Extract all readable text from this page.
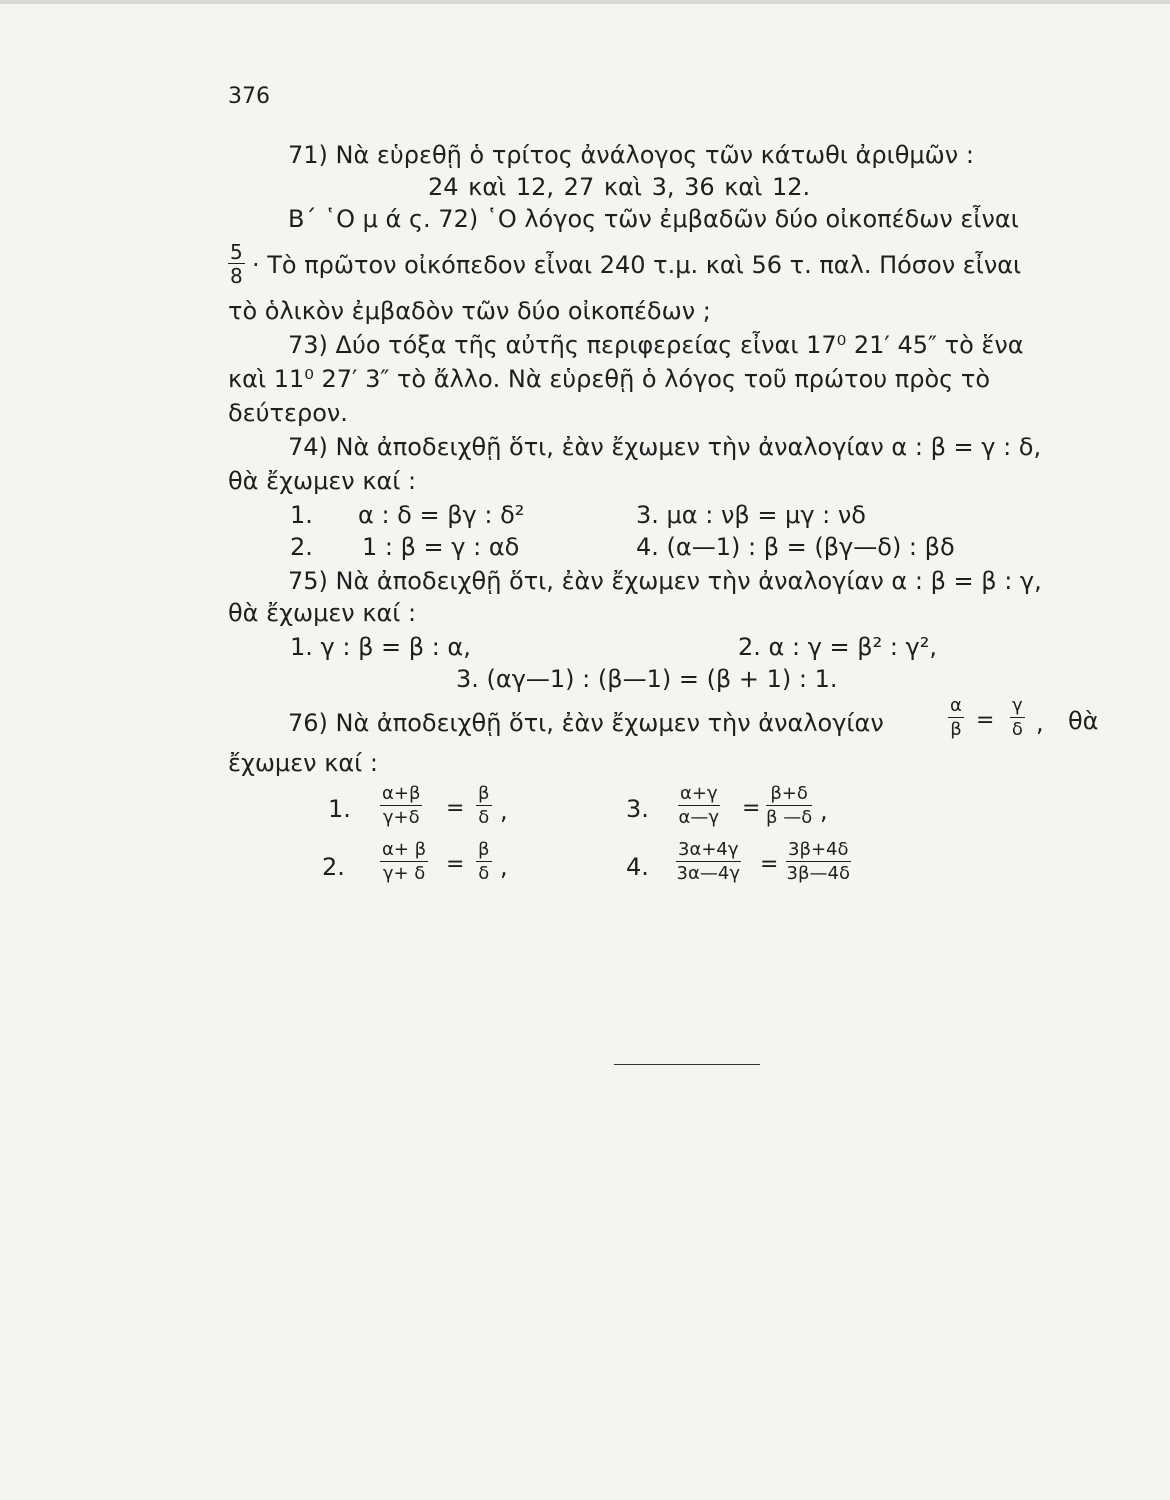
376
71) Νὰ εὑρεθῇ ὁ τρίτος ἀνάλογος τῶν κάτωθι ἀριθμῶν :
24 καὶ 12, 27 καὶ 3, 36 καὶ 12.
Β΄ ῾Ο μ ά ς. 72) ῾Ο λόγος τῶν ἐμβαδῶν δύο οἰκοπέδων εἶναι
$\frac{5}{8}$ · Τὸ πρῶτον οἰκόπεδον εἶναι 240 τ.μ. καὶ 56 τ. παλ. Πόσον εἶναι
τὸ ὁλικὸν ἐμβαδὸν τῶν δύο οἰκοπέδων ;
73) Δύο τόξα τῆς αὐτῆς περιφερείας εἶναι 17⁰ 21′ 45″ τὸ ἕνα
καὶ 11⁰ 27′ 3″ τὸ ἄλλο. Νὰ εὑρεθῇ ὁ λόγος τοῦ πρώτου πρὸς τὸ
δεύτερον.
74) Νὰ ἀποδειχθῇ ὅτι, ἐὰν ἔχωμεν τὴν ἀναλογίαν α : β = γ : δ,
θὰ ἔχωμεν καί :
1. α : δ = βγ : δ²	3. μα : νβ = μγ : νδ
2. 1 : β = γ : αδ	4. (α—1) : β = (βγ—δ) : βδ
75) Νὰ ἀποδειχθῇ ὅτι, ἐὰν ἔχωμεν τὴν ἀναλογίαν α : β = β : γ,
θὰ ἔχωμεν καί :
1. γ : β = β : α,	2. α : γ = β² : γ²,
3. (αγ—1) : (β—1) = (β + 1) : 1.
76) Νὰ ἀποδειχθῇ ὅτι, ἐὰν ἔχωμεν τὴν ἀναλογίαν	$\frac{\alpha}{\beta} = \frac{\gamma}{\delta}$ , θὰ
ἔχωμεν καί :
1. $\frac{\alpha+\beta}{\gamma+\delta} = \frac{\beta}{\delta}$ ,	3. $\frac{\alpha+\gamma}{\alpha—\gamma} = \frac{\beta+\delta}{\beta —\delta}$ ,
2. $\frac{\alpha+ \beta}{\gamma+ \delta} = \frac{\beta}{\delta}$ ,	4. $\frac{3\alpha+4\gamma}{3\alpha—4\gamma} = \frac{3\beta+4\delta}{3\beta—4\delta}$
